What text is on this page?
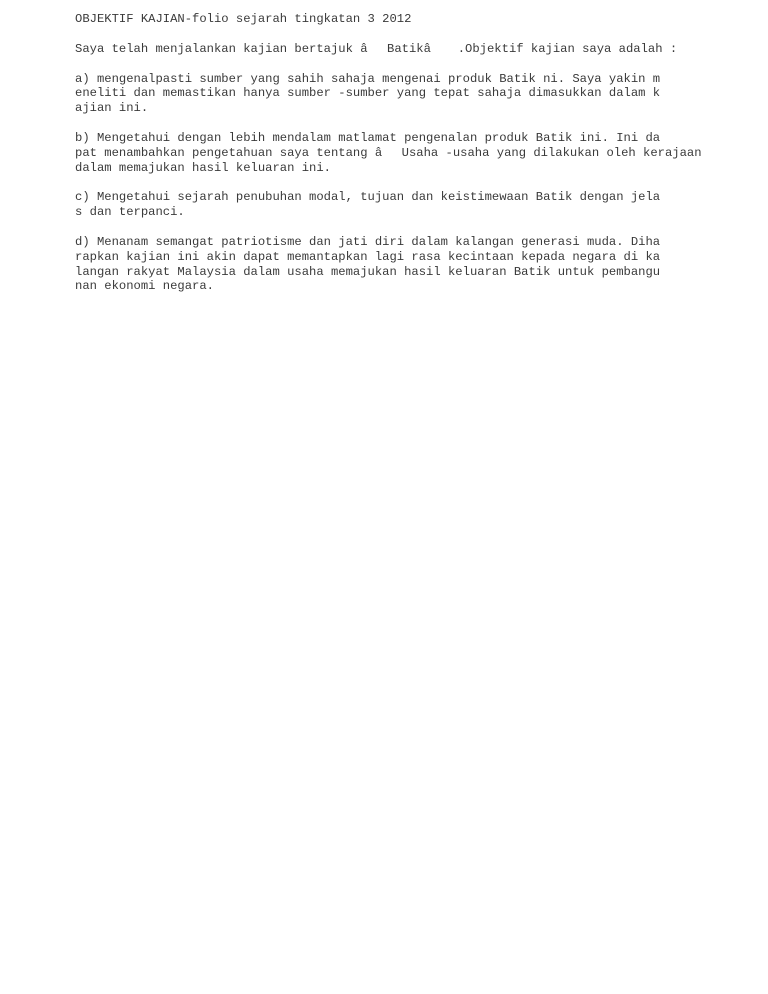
OBJEKTIF KAJIAN-folio sejarah tingkatan 3 2012
Saya telah menjalankan kajian bertajuk âBatikâ .Objektif kajian saya adalah :
a) mengenalpasti sumber yang sahih sahaja mengenai produk Batik ni. Saya yakin m
eneliti dan memastikan hanya sumber -sumber yang tepat sahaja dimasukkan dalam k
ajian ini.
b) Mengetahui dengan lebih mendalam matlamat pengenalan produk Batik ini. Ini da
pat menambahkan pengetahuan saya tentang âUsaha -usaha yang dilakukan oleh kerajaan
dalam memajukan hasil keluaran ini.
c) Mengetahui sejarah penubuhan modal, tujuan dan keistimewaan Batik dengan jela
s dan terpanci.
d) Menanam semangat patriotisme dan jati diri dalam kalangan generasi muda. Diha
rapkan kajian ini akin dapat memantapkan lagi rasa kecintaan kepada negara di ka
langan rakyat Malaysia dalam usaha memajukan hasil keluaran Batik untuk pembangu
nan ekonomi negara.
